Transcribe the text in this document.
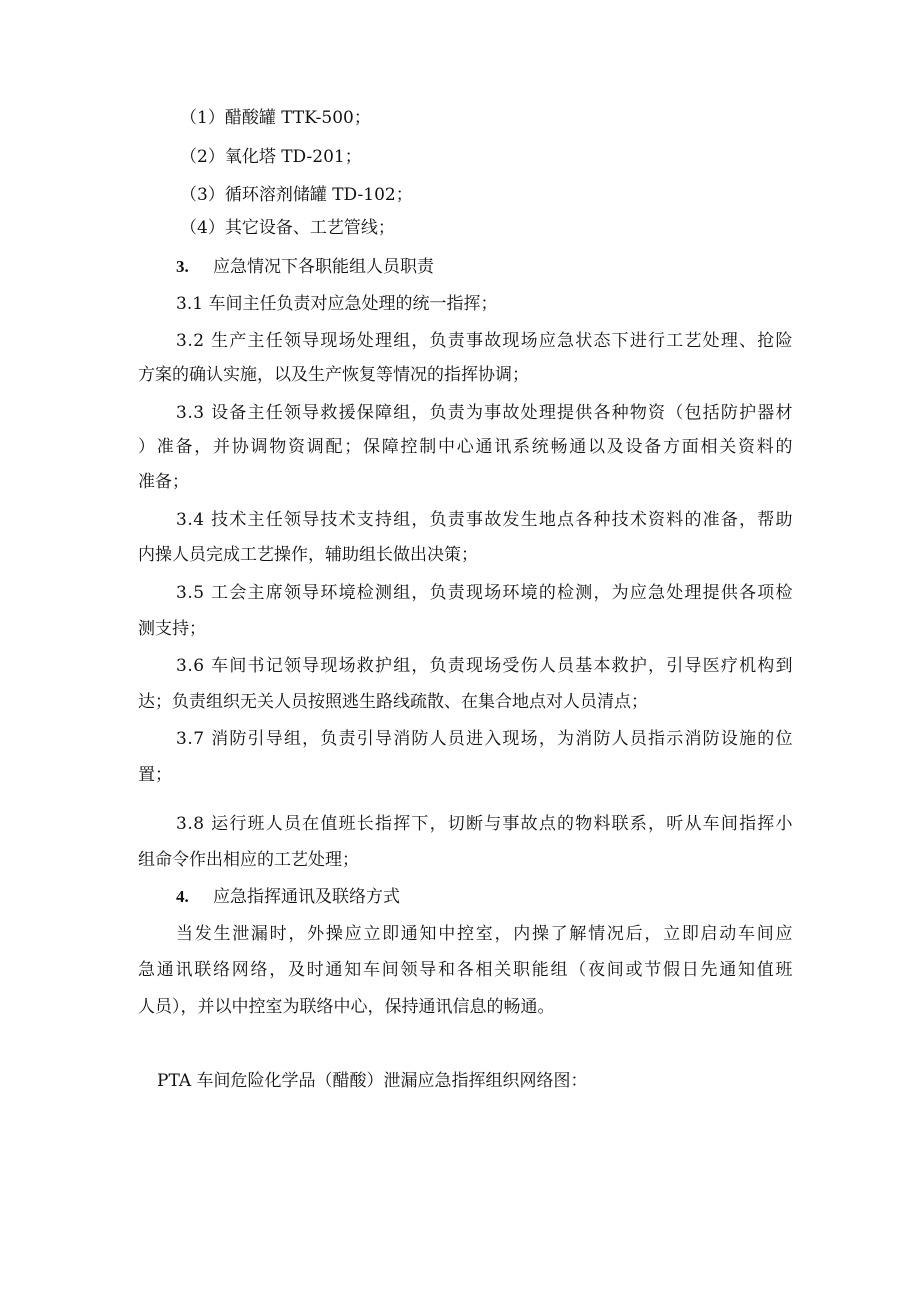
（1）醋酸罐 TTK-500；
（2）氧化塔 TD-201；
（3）循环溶剂储罐 TD-102；
（4）其它设备、工艺管线；
3. 应急情况下各职能组人员职责
3.1 车间主任负责对应急处理的统一指挥；
3.2 生产主任领导现场处理组，负责事故现场应急状态下进行工艺处理、抢险
方案的确认实施，以及生产恢复等情况的指挥协调；
3.3 设备主任领导救援保障组，负责为事故处理提供各种物资（包括防护器材
）准备，并协调物资调配；保障控制中心通讯系统畅通以及设备方面相关资料的
准备；
3.4 技术主任领导技术支持组，负责事故发生地点各种技术资料的准备，帮助
内操人员完成工艺操作，辅助组长做出决策；
3.5 工会主席领导环境检测组，负责现场环境的检测，为应急处理提供各项检
测支持；
3.6 车间书记领导现场救护组，负责现场受伤人员基本救护，引导医疗机构到
达；负责组织无关人员按照逃生路线疏散、在集合地点对人员清点；
3.7 消防引导组，负责引导消防人员进入现场，为消防人员指示消防设施的位
置；
3.8 运行班人员在值班长指挥下，切断与事故点的物料联系，听从车间指挥小
组命令作出相应的工艺处理；
4. 应急指挥通讯及联络方式
当发生泄漏时，外操应立即通知中控室，内操了解情况后，立即启动车间应
急通讯联络网络，及时通知车间领导和各相关职能组（夜间或节假日先通知值班
人员），并以中控室为联络中心，保持通讯信息的畅通。
PTA 车间危险化学品（醋酸）泄漏应急指挥组织网络图：
